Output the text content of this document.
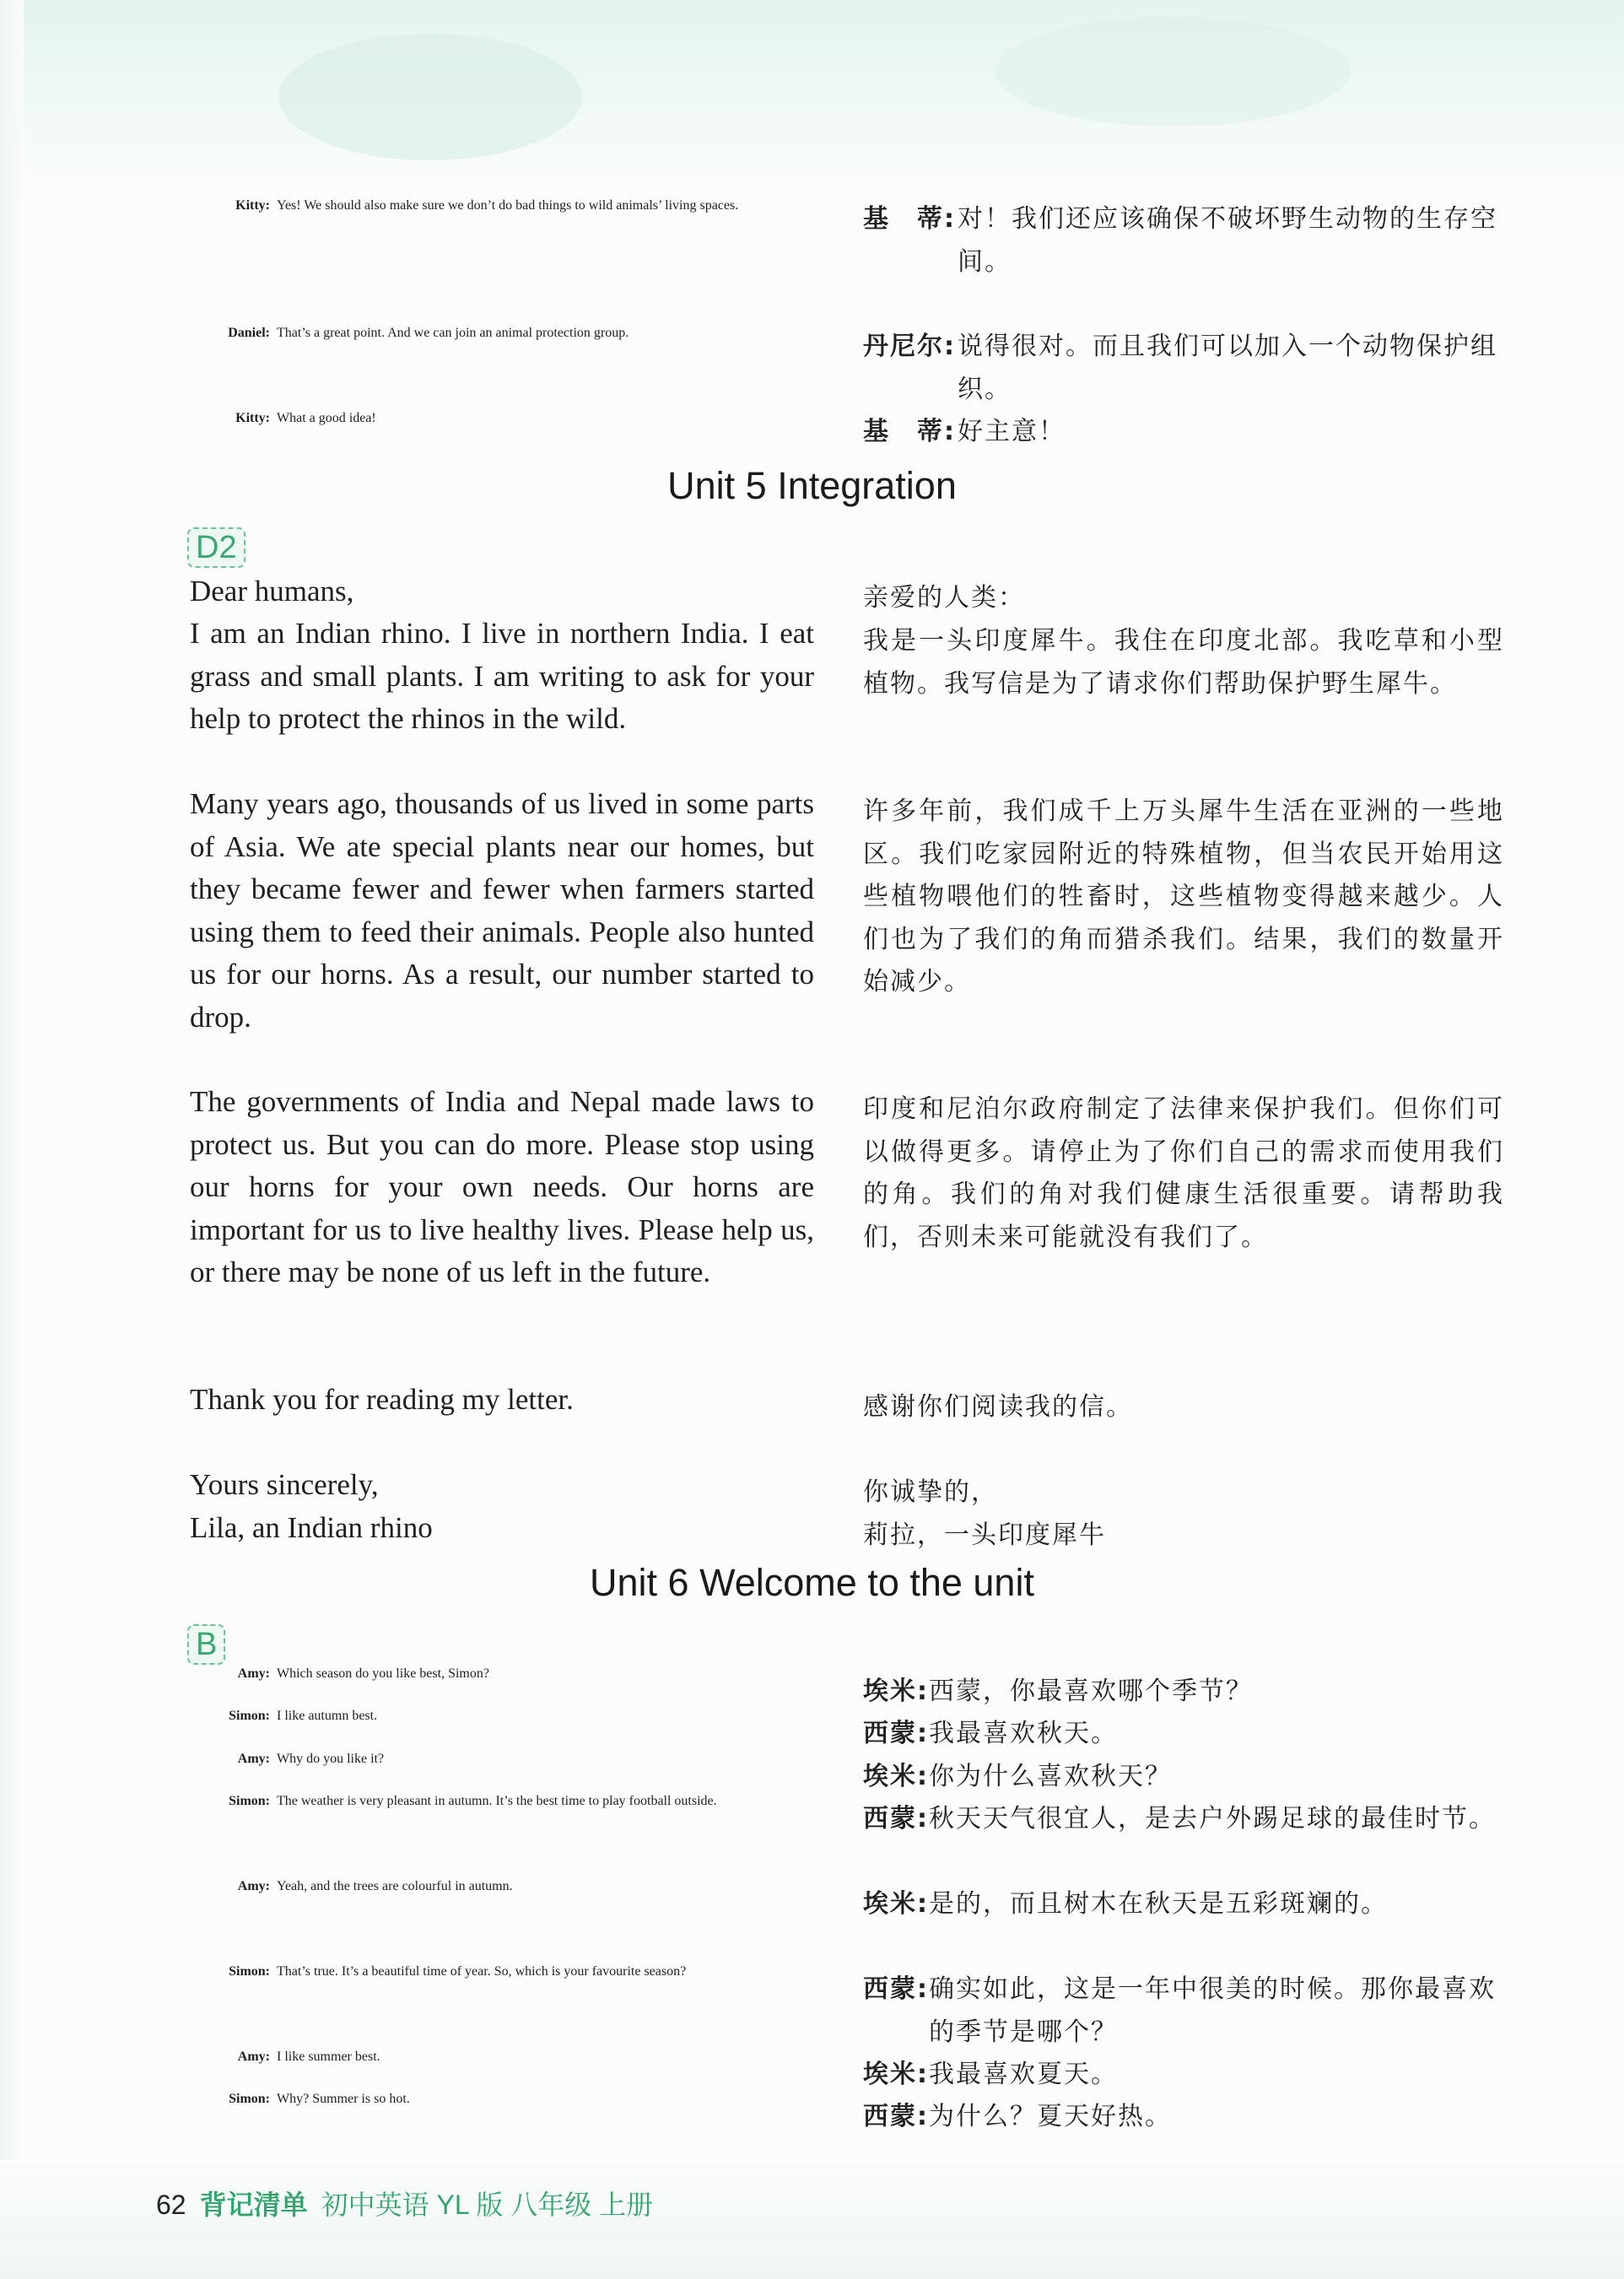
Kitty: Yes! We should also make sure we don’t do bad things to wild animals’ living spaces.
Daniel: That’s a great point. And we can join an animal protection group.
Kitty: What a good idea!
基　蒂: 对！我们还应该确保不破坏野生动物的生存空间。
丹尼尔: 说得很对。而且我们可以加入一个动物保护组织。
基　蒂: 好主意！
Unit 5 Integration
D2

Dear humans,

I am an Indian rhino. I live in northern India. I eat grass and small plants. I am writing to ask for your help to protect the rhinos in the wild.

Many years ago, thousands of us lived in some parts of Asia. We ate special plants near our homes, but they became fewer and fewer when farmers started using them to feed their animals. People also hunted us for our horns. As a result, our number started to drop.

The governments of India and Nepal made laws to protect us. But you can do more. Please stop using our horns for your own needs. Our horns are important for us to live healthy lives. Please help us, or there may be none of us left in the future.

Thank you for reading my letter.

Yours sincerely,

Lila, an Indian rhino

亲爱的人类：

我是一头印度犀牛。我住在印度北部。我吃草和小型植物。我写信是为了请求你们帮助保护野生犀牛。

许多年前，我们成千上万头犀牛生活在亚洲的一些地区。我们吃家园附近的特殊植物，但当农民开始用这些植物喂他们的牲畜时，这些植物变得越来越少。人们也为了我们的角而猎杀我们。结果，我们的数量开始减少。

印度和尼泊尔政府制定了法律来保护我们。但你们可以做得更多。请停止为了你们自己的需求而使用我们的角。我们的角对我们健康生活很重要。请帮助我们，否则未来可能就没有我们了。

感谢你们阅读我的信。

你诚挚的，

莉拉，一头印度犀牛

Unit 6 Welcome to the unit
B
Amy: Which season do you like best, Simon?
Simon: I like autumn best.
Amy: Why do you like it?
Simon: The weather is very pleasant in autumn. It’s the best time to play football outside.
Amy: Yeah, and the trees are colourful in autumn.
Simon: That’s true. It’s a beautiful time of year. So, which is your favourite season?
Amy: I like summer best.
Simon: Why? Summer is so hot.
埃米: 西蒙，你最喜欢哪个季节？
西蒙: 我最喜欢秋天。
埃米: 你为什么喜欢秋天？
西蒙: 秋天天气很宜人，是去户外踢足球的最佳时节。
埃米: 是的，而且树木在秋天是五彩斑斓的。
西蒙: 确实如此，这是一年中很美的时候。那你最喜欢的季节是哪个？
埃米: 我最喜欢夏天。
西蒙: 为什么？夏天好热。
62 背记清单 初中英语 YL 版 八年级 上册
